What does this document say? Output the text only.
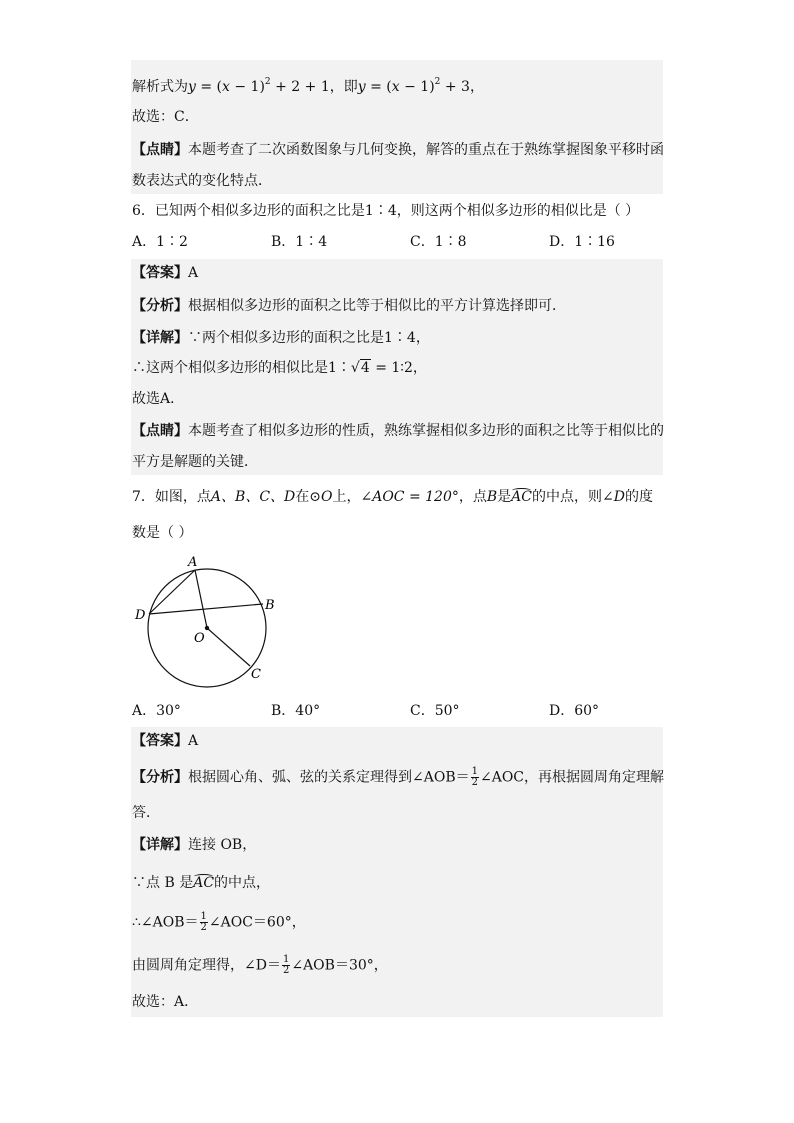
解析式为$y = (x - 1)^2 + 2 + 1$，即$y = (x - 1)^2 + 3$，
故选：C．
【点睛】本题考查了二次函数图象与几何变换，解答的重点在于熟练掌握图象平移时函
数表达式的变化特点．
6．已知两个相似多边形的面积之比是1∶4，则这两个相似多边形的相似比是（ ）
A．1∶2	B．1∶4	C．1∶8	D．1∶16
【答案】A
【分析】根据相似多边形的面积之比等于相似比的平方计算选择即可．
【详解】∵两个相似多边形的面积之比是1∶4，
∴这两个相似多边形的相似比是1∶√4 = 1∶2，
故选A．
【点睛】本题考查了相似多边形的性质，熟练掌握相似多边形的面积之比等于相似比的
平方是解题的关键．
7．如图，点A、B、C、D在⊙O上，∠AOC = 120°，点B是AC的中点，则∠D的度
数是（ ）
A
B
C
D
O
A．30°	B．40°	C．50°	D．60°
【答案】A
【分析】根据圆心角、弧、弦的关系定理得到∠AOB＝ $\frac{1}{2}$ ∠AOC，再根据圆周角定理解
答．
【详解】连接 OB，
∵点 B 是AC的中点，
∴∠AOB＝ $\frac{1}{2}$ ∠AOC＝60°，
由圆周角定理得，∠D＝ $\frac{1}{2}$ ∠AOB＝30°，
故选：A．
